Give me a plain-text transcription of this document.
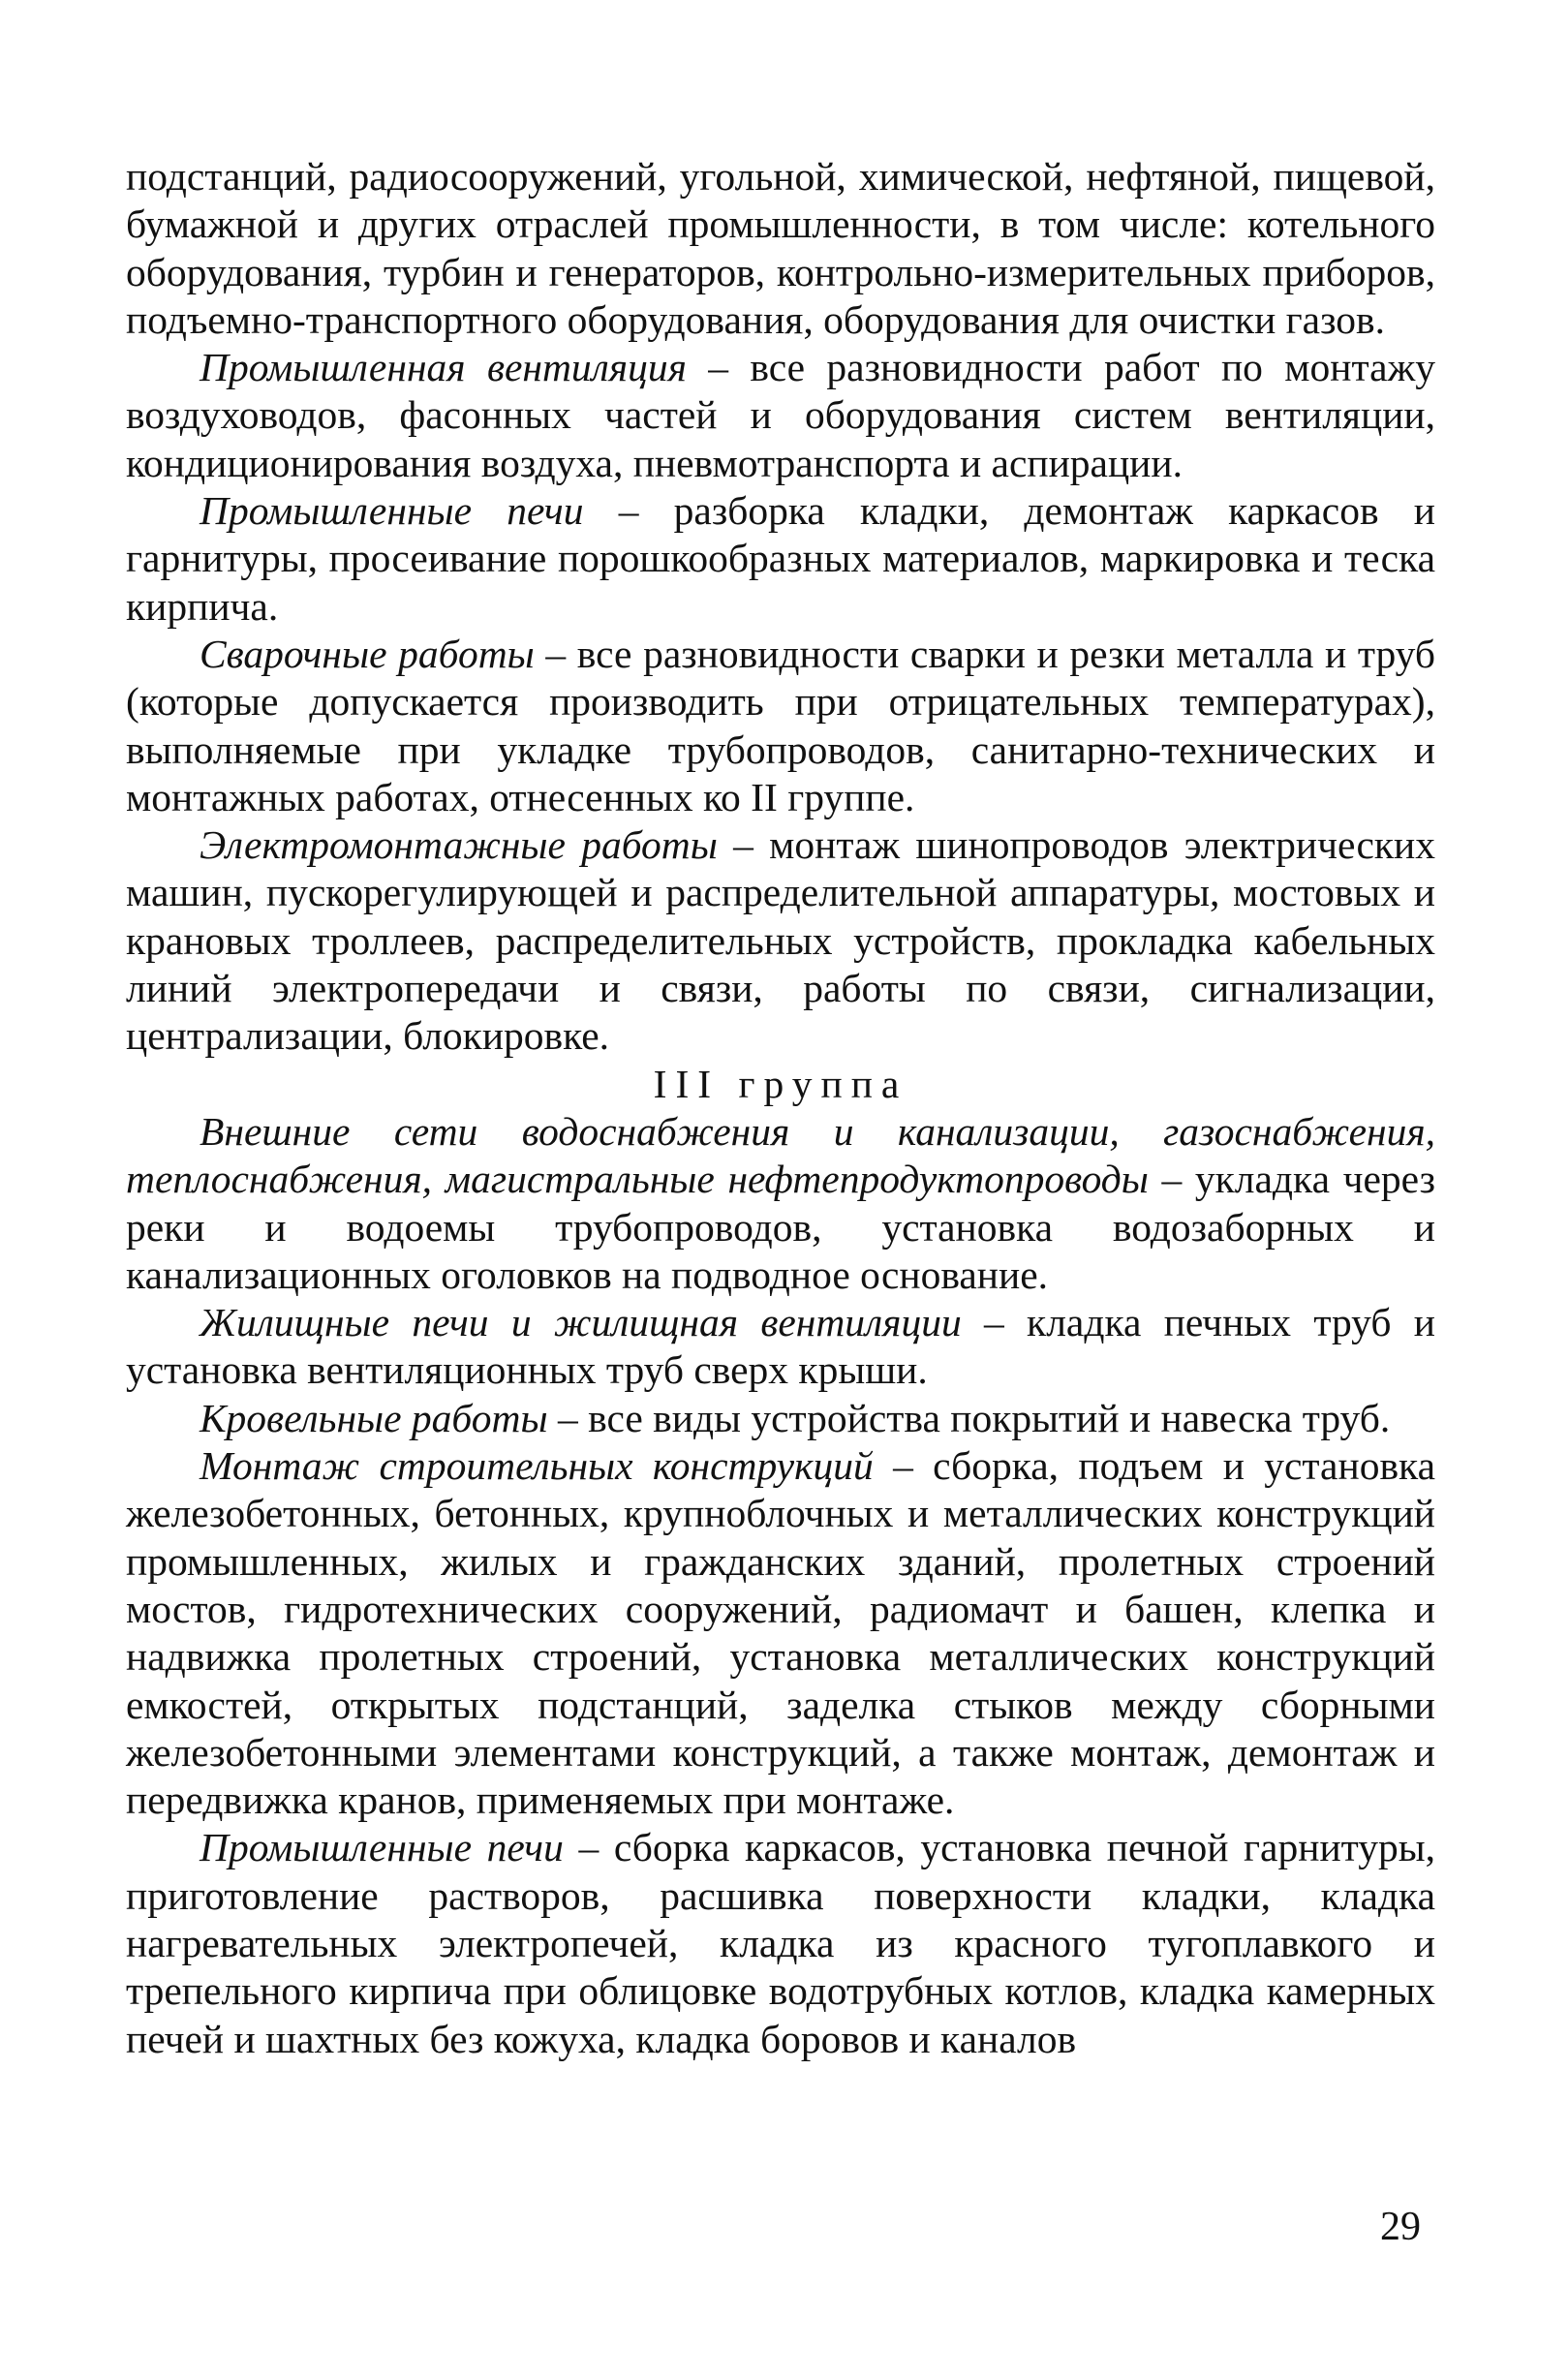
подстанций, радиосооружений, угольной, химической, нефтяной, пищевой, бумажной и других отраслей промышленности, в том числе: котельного оборудования, турбин и генераторов, контрольно-измерительных приборов, подъемно-транспортного оборудования, оборудования для очистки газов.

Промышленная вентиляция – все разновидности работ по монтажу воздуховодов, фасонных частей и оборудования систем вентиляции, кондиционирования воздуха, пневмотранспорта и аспирации.

Промышленные печи – разборка кладки, демонтаж каркасов и гарнитуры, просеивание порошкообразных материалов, маркировка и теска кирпича.

Сварочные работы – все разновидности сварки и резки металла и труб (которые допускается производить при отрицательных температурах), выполняемые при укладке трубопроводов, санитарно-технических и монтажных работах, отнесенных ко II группе.

Электромонтажные работы – монтаж шинопроводов электрических машин, пускорегулирующей и распределительной аппаратуры, мостовых и крановых троллеев, распределительных устройств, прокладка кабельных линий электропередачи и связи, работы по связи, сигнализации, централизации, блокировке.

III группа

Внешние сети водоснабжения и канализации, газоснабжения, теплоснабжения, магистральные нефтепродуктопроводы – укладка через реки и водоемы трубопроводов, установка водозаборных и канализационных оголовков на подводное основание.

Жилищные печи и жилищная вентиляции – кладка печных труб и установка вентиляционных труб сверх крыши.

Кровельные работы – все виды устройства покрытий и навеска труб.

Монтаж строительных конструкций – сборка, подъем и установка железобетонных, бетонных, крупноблочных и металлических конструкций промышленных, жилых и гражданских зданий, пролетных строений мостов, гидротехнических сооружений, радиомачт и башен, клепка и надвижка пролетных строений, установка металлических конструкций емкостей, открытых подстанций, заделка стыков между сборными железобетонными элементами конструкций, а также монтаж, демонтаж и передвижка кранов, применяемых при монтаже.

Промышленные печи – сборка каркасов, установка печной гарнитуры, приготовление растворов, расшивка поверхности кладки, кладка нагревательных электропечей, кладка из красного тугоплавкого и трепельного кирпича при облицовке водотрубных котлов, кладка камерных печей и шахтных без кожуха, кладка боровов и каналов

29
